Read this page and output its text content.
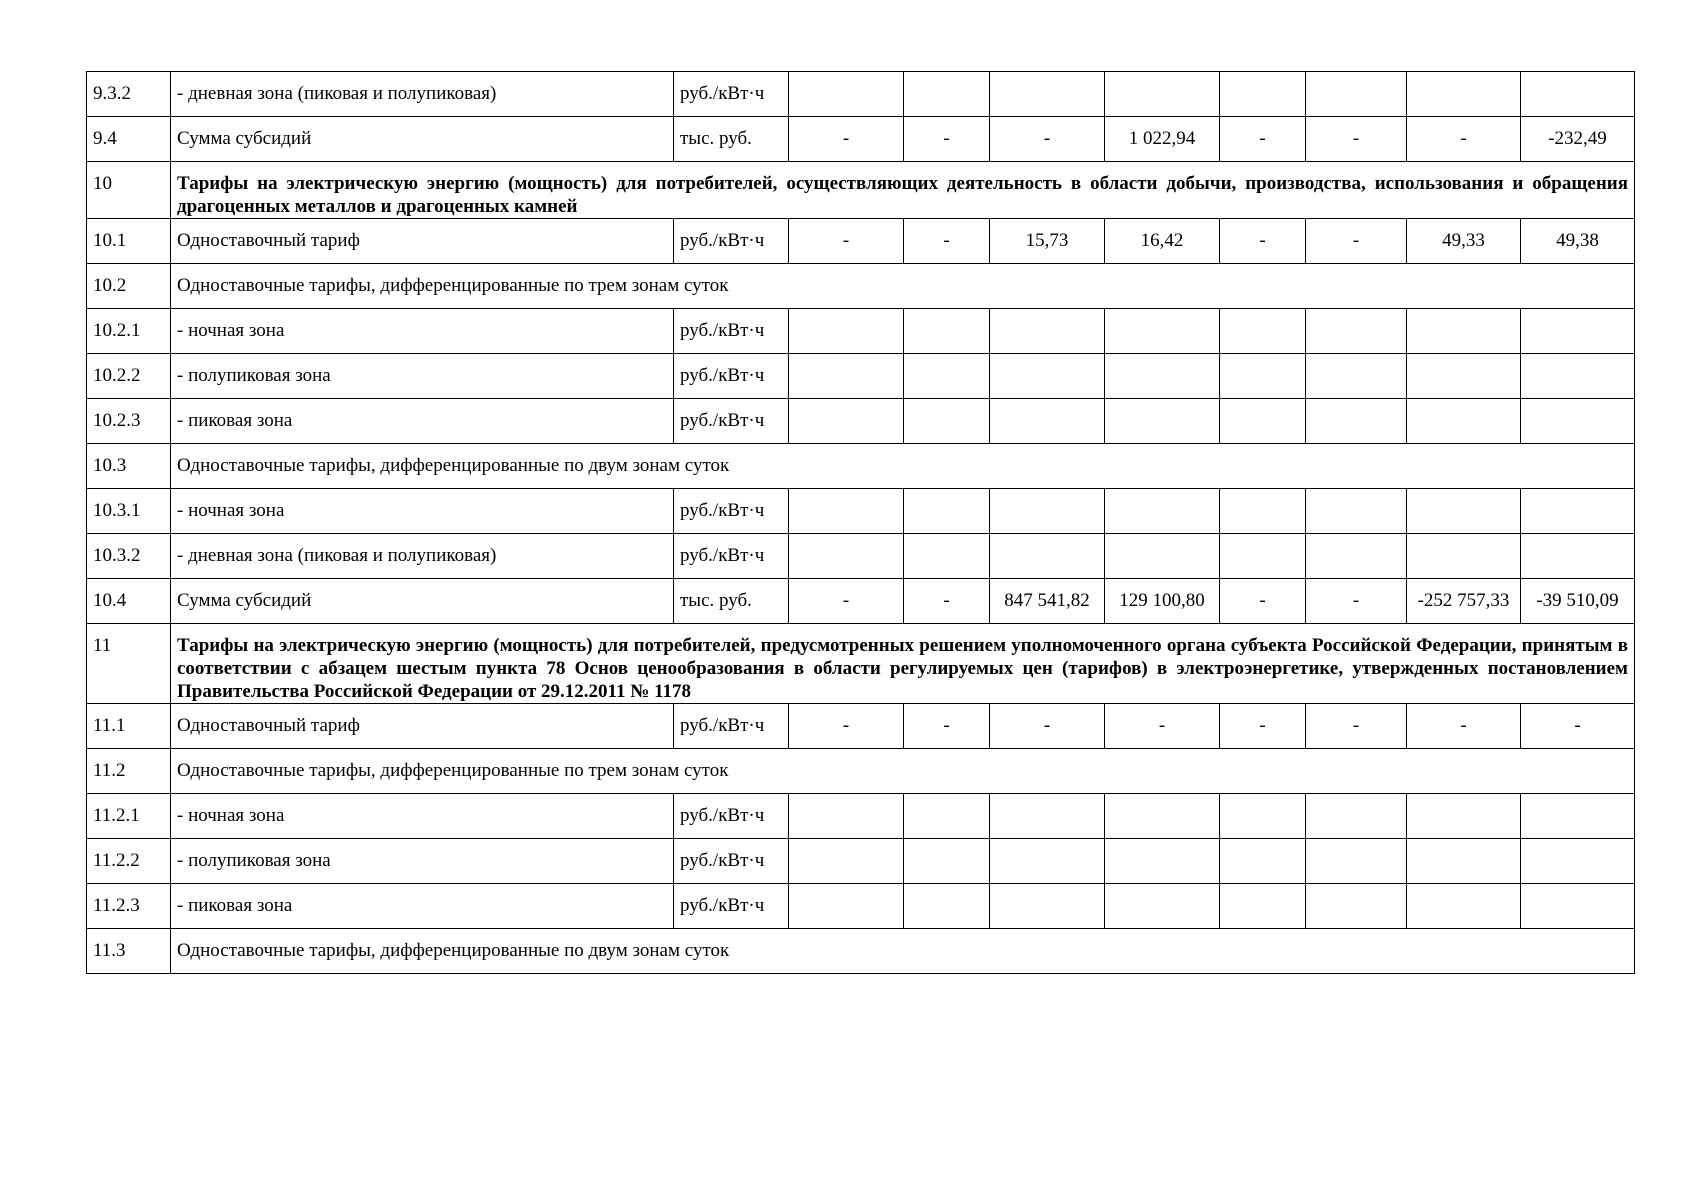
9.3.2	- дневная зона (пиковая и полупиковая)	руб./кВт·ч								
9.4	Сумма субсидий	тыс. руб.	-	-	-	1 022,94	-	-	-	-232,49
10	Тарифы на электрическую энергию (мощность) для потребителей, осуществляющих деятельность в области добычи, производства, использования и обращения драгоценных металлов и драгоценных камней									
10.1	Одноставочный тариф	руб./кВт·ч	-	-	15,73	16,42	-	-	49,33	49,38
10.2	Одноставочные тарифы, дифференцированные по трем зонам суток									
10.2.1	- ночная зона	руб./кВт·ч								
10.2.2	- полупиковая зона	руб./кВт·ч								
10.2.3	- пиковая зона	руб./кВт·ч								
10.3	Одноставочные тарифы, дифференцированные по двум зонам суток									
10.3.1	- ночная зона	руб./кВт·ч								
10.3.2	- дневная зона (пиковая и полупиковая)	руб./кВт·ч								
10.4	Сумма субсидий	тыс. руб.	-	-	847 541,82	129 100,80	-	-	-252 757,33	-39 510,09
11	Тарифы на электрическую энергию (мощность) для потребителей, предусмотренных решением уполномоченного органа субъекта Российской Федерации, принятым в соответствии с абзацем шестым пункта 78 Основ ценообразования в области регулируемых цен (тарифов) в электроэнергетике, утвержденных постановлением Правительства Российской Федерации от 29.12.2011 № 1178									
11.1	Одноставочный тариф	руб./кВт·ч	-	-	-	-	-	-	-	-
11.2	Одноставочные тарифы, дифференцированные по трем зонам суток									
11.2.1	- ночная зона	руб./кВт·ч								
11.2.2	- полупиковая зона	руб./кВт·ч								
11.2.3	- пиковая зона	руб./кВт·ч								
11.3	Одноставочные тарифы, дифференцированные по двум зонам суток									
